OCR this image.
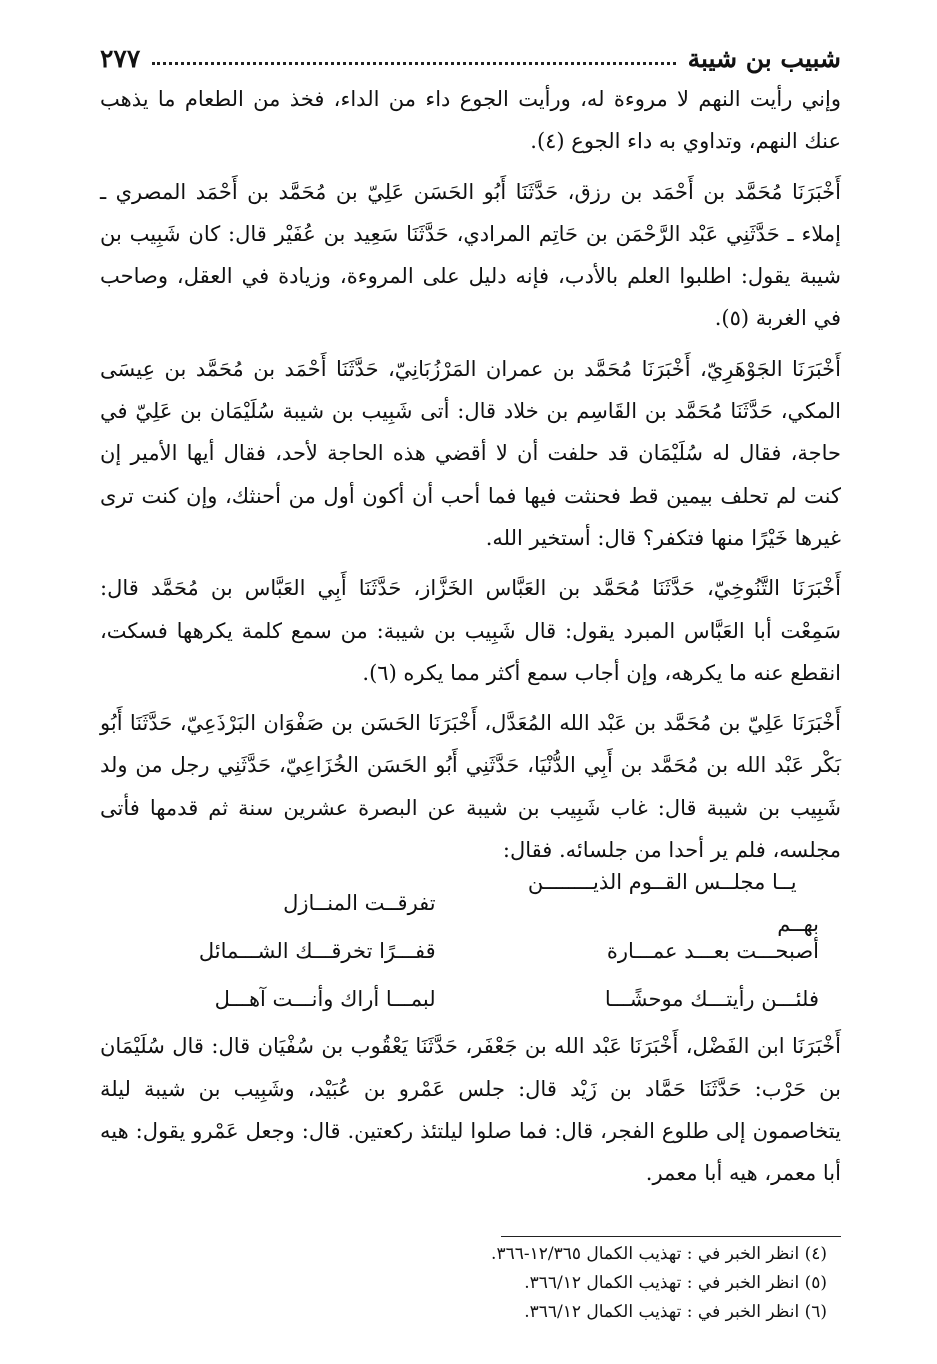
شبيب بن شيبة
٢٧٧

وإني رأيت النهم لا مروءة له، ورأيت الجوع داء من الداء، فخذ من الطعام ما يذهب عنك النهم، وتداوي به داء الجوع (٤).

أَخْبَرَنَا مُحَمَّد بن أَحْمَد بن رزق، حَدَّثَنَا أَبُو الحَسَن عَلِيّ بن مُحَمَّد بن أَحْمَد المصري ـ إملاء ـ حَدَّثَنِي عَبْد الرَّحْمَن بن حَاتِم المرادي، حَدَّثَنَا سَعِيد بن عُفَيْر قال: كان شَبِيب بن شيبة يقول: اطلبوا العلم بالأدب، فإنه دليل على المروءة، وزيادة في العقل، وصاحب في الغربة (٥).

أَخْبَرَنَا الجَوْهَرِيّ، أَخْبَرَنَا مُحَمَّد بن عمران المَرْزُبَانِيّ، حَدَّثَنَا أَحْمَد بن مُحَمَّد بن عِيسَى المكي، حَدَّثَنَا مُحَمَّد بن القَاسِم بن خلاد قال: أتى شَبِيب بن شيبة سُلَيْمَان بن عَلِيّ في حاجة، فقال له سُلَيْمَان قد حلفت أن لا أقضي هذه الحاجة لأحد، فقال أيها الأمير إن كنت لم تحلف بيمين قط فحنثت فيها فما أحب أن أكون أول من أحنثك، وإن كنت ترى غيرها خَيْرًا منها فتكفر؟ قال: أستخير الله.

أَخْبَرَنَا التَّنُوخِيّ، حَدَّثَنَا مُحَمَّد بن العَبَّاس الخَزَّاز، حَدَّثَنَا أَبِي العَبَّاس بن مُحَمَّد قال: سَمِعْت أبا العَبَّاس المبرد يقول: قال شَبِيب بن شيبة: من سمع كلمة يكرهها فسكت، انقطع عنه ما يكرهه، وإن أجاب سمع أكثر مما يكره (٦).

أَخْبَرَنَا عَلِيّ بن مُحَمَّد بن عَبْد الله المُعَدَّل، أَخْبَرَنَا الحَسَن بن صَفْوَان البَرْذَعِيّ، حَدَّثَنَا أَبُو بَكْر عَبْد الله بن مُحَمَّد بن أَبِي الدُّنْيَا، حَدَّثَنِي أَبُو الحَسَن الخُزَاعِيّ، حَدَّثَنِي رجل من ولد شَبِيب بن شيبة قال: غاب شَبِيب بن شيبة عن البصرة عشرين سنة ثم قدمها فأتى مجلسه، فلم ير أحدا من جلسائه. فقال:

يــا مجلــس القــوم الذيــــــــن بهــم
تفرقــت المنــازل
أصبحـــت بعـــد عمـــارة
قفـــرًا تخرقـــك الشـــمائل
فلئـــن رأيتـــك موحشًـــا
لبمـــا أراك وأنـــت آهـــل

أَخْبَرَنَا ابن الفَضْل، أَخْبَرَنَا عَبْد الله بن جَعْفَر، حَدَّثَنَا يَعْقُوب بن سُفْيَان قال: قال سُلَيْمَان بن حَرْب: حَدَّثَنَا حَمَّاد بن زَيْد قال: جلس عَمْرو بن عُبَيْد، وشَبِيب بن شيبة ليلة يتخاصمون إلى طلوع الفجر، قال: فما صلوا ليلتئذ ركعتين. قال: وجعل عَمْرو يقول: هيه أبا معمر، هيه أبا معمر.

(٤) انظر الخبر في : تهذيب الكمال ١٢/٣٦٥-٣٦٦.

(٥) انظر الخبر في : تهذيب الكمال ٣٦٦/١٢.

(٦) انظر الخبر في : تهذيب الكمال ٣٦٦/١٢.
